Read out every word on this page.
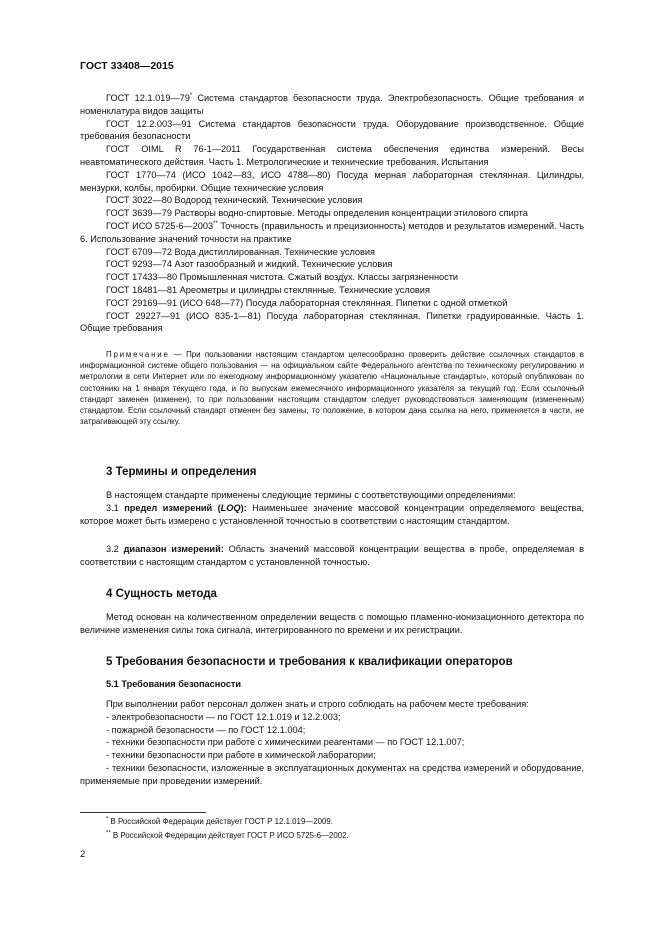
ГОСТ 33408—2015

ГОСТ 12.1.019—79* Система стандартов безопасности труда. Электробезопасность. Общие требования и номенклатура видов защиты

ГОСТ 12.2.003—91 Система стандартов безопасности труда. Оборудование производственное. Общие требования безопасности

ГОСТ OIML R 76-1—2011 Государственная система обеспечения единства измерений. Весы неавтоматического действия. Часть 1. Метрологические и технические требования. Испытания

ГОСТ 1770—74 (ИСО 1042—83, ИСО 4788—80) Посуда мерная лабораторная стеклянная. Цилиндры, мензурки, колбы, пробирки. Общие технические условия

ГОСТ 3022—80 Водород технический. Технические условия

ГОСТ 3639—79 Растворы водно-спиртовые. Методы определения концентрации этилового спирта

ГОСТ ИСО 5725-6—2003** Точность (правильность и прецизионность) методов и результатов измерений. Часть 6. Использование значений точности на практике

ГОСТ 6709—72 Вода дистиллированная. Технические условия

ГОСТ 9293—74 Азот газообразный и жидкий. Технические условия

ГОСТ 17433—80 Промышленная чистота. Сжатый воздух. Классы загрязненности

ГОСТ 18481—81 Ареометры и цилиндры стеклянные. Технические условия

ГОСТ 29169—91 (ИСО 648—77) Посуда лабораторная стеклянная. Пипетки с одной отметкой

ГОСТ 29227—91 (ИСО 835-1—81) Посуда лабораторная стеклянная. Пипетки градуированные. Часть 1. Общие требования

Примечание — При пользовании настоящим стандартом целесообразно проверить действие ссылочных стандартов в информационной системе общего пользования — на официальном сайте Федерального агентства по техническому регулированию и метрологии в сети Интернет или по ежегодному информационному указателю «Национальные стандарты», который опубликован по состоянию на 1 января текущего года, и по выпускам ежемесячного информационного указателя за текущий год. Если ссылочный стандарт заменен (изменен), то при пользовании настоящим стандартом следует руководствоваться заменяющим (измененным) стандартом. Если ссылочный стандарт отменен без замены, то положение, в котором дана ссылка на него, применяется в части, не затрагивающей эту ссылку.

3 Термины и определения

В настоящем стандарте применены следующие термины с соответствующими определениями:

3.1 предел измерений (LOQ): Наименьшее значение массовой концентрации определяемого вещества, которое может быть измерено с установленной точностью в соответствии с настоящим стандартом.

3.2 диапазон измерений: Область значений массовой концентрации вещества в пробе, определяемая в соответствии с настоящим стандартом с установленной точностью.

4 Сущность метода

Метод основан на количественном определении веществ с помощью пламенно-ионизационного детектора по величине изменения силы тока сигнала, интегрированного по времени и их регистрации.

5 Требования безопасности и требования к квалификации операторов
5.1 Требования безопасности

При выполнении работ персонал должен знать и строго соблюдать на рабочем месте требования:

- электробезопасности — по ГОСТ 12.1.019 и 12.2.003;

- пожарной безопасности — по ГОСТ 12.1.004;

- техники безопасности при работе с химическими реагентами — по ГОСТ 12.1.007;

- техники безопасности при работе в химической лаборатории;

- техники безопасности, изложенные в эксплуатационных документах на средства измерений и оборудование, применяемые при проведении измерений.

* В Российской Федерации действует ГОСТ Р 12.1.019—2009.

** В Российской Федерации действует ГОСТ Р ИСО 5725-6—2002.

2
